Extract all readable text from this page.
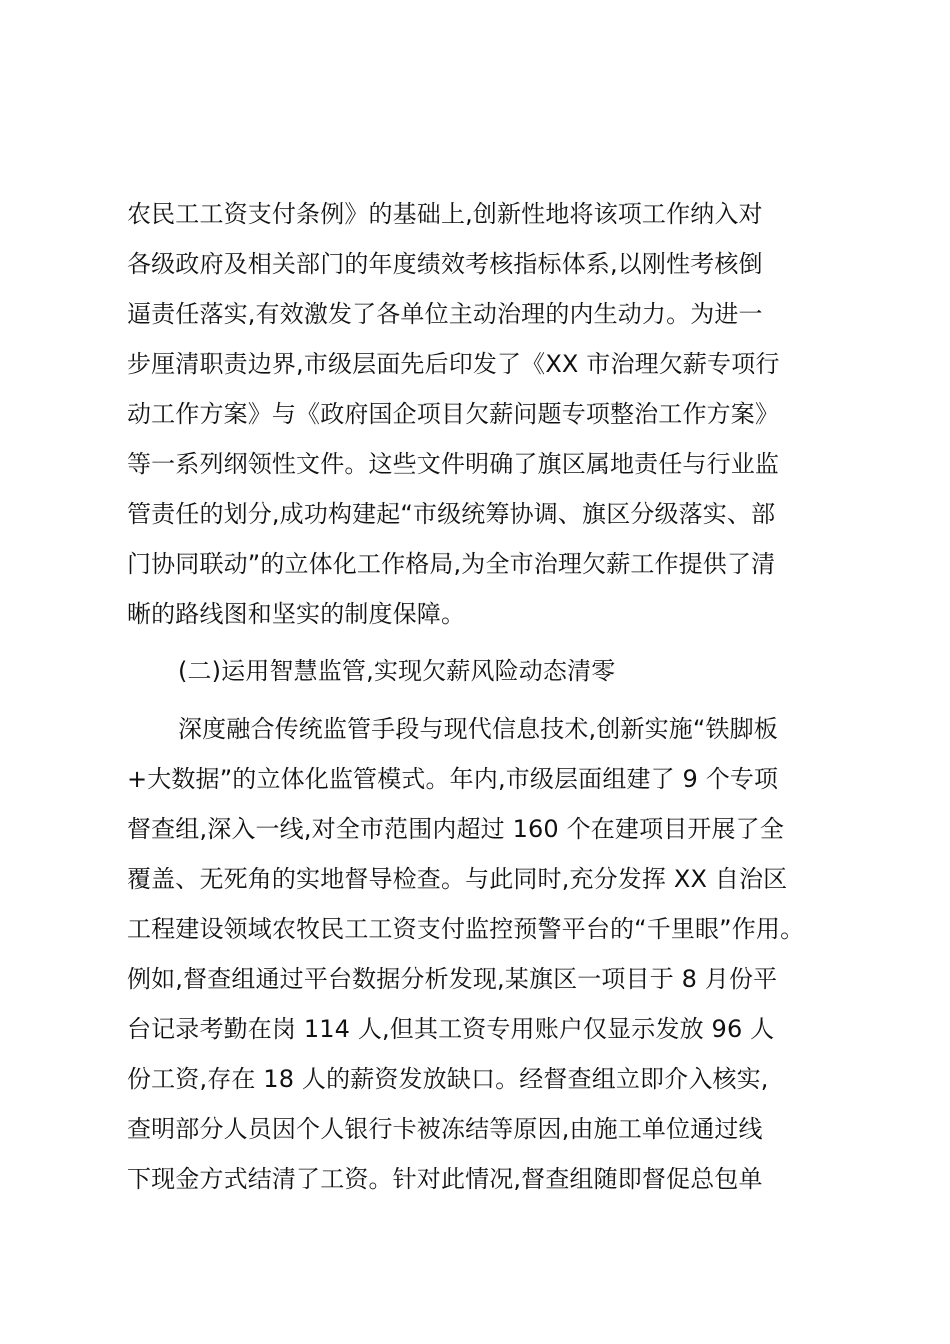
农民工工资支付条例》的基础上,创新性地将该项工作纳入对
各级政府及相关部门的年度绩效考核指标体系,以刚性考核倒
逼责任落实,有效激发了各单位主动治理的内生动力。为进一
步厘清职责边界,市级层面先后印发了《XX 市治理欠薪专项行
动工作方案》与《政府国企项目欠薪问题专项整治工作方案》
等一系列纲领性文件。这些文件明确了旗区属地责任与行业监
管责任的划分,成功构建起“市级统筹协调、旗区分级落实、部
门协同联动”的立体化工作格局,为全市治理欠薪工作提供了清
晰的路线图和坚实的制度保障。
(二)运用智慧监管,实现欠薪风险动态清零
深度融合传统监管手段与现代信息技术,创新实施“铁脚板
+大数据”的立体化监管模式。年内,市级层面组建了 9 个专项
督查组,深入一线,对全市范围内超过 160 个在建项目开展了全
覆盖、无死角的实地督导检查。与此同时,充分发挥 XX 自治区
工程建设领域农牧民工工资支付监控预警平台的“千里眼”作用。
例如,督查组通过平台数据分析发现,某旗区一项目于 8 月份平
台记录考勤在岗 114 人,但其工资专用账户仅显示发放 96 人
份工资,存在 18 人的薪资发放缺口。经督查组立即介入核实,
查明部分人员因个人银行卡被冻结等原因,由施工单位通过线
下现金方式结清了工资。针对此情况,督查组随即督促总包单
